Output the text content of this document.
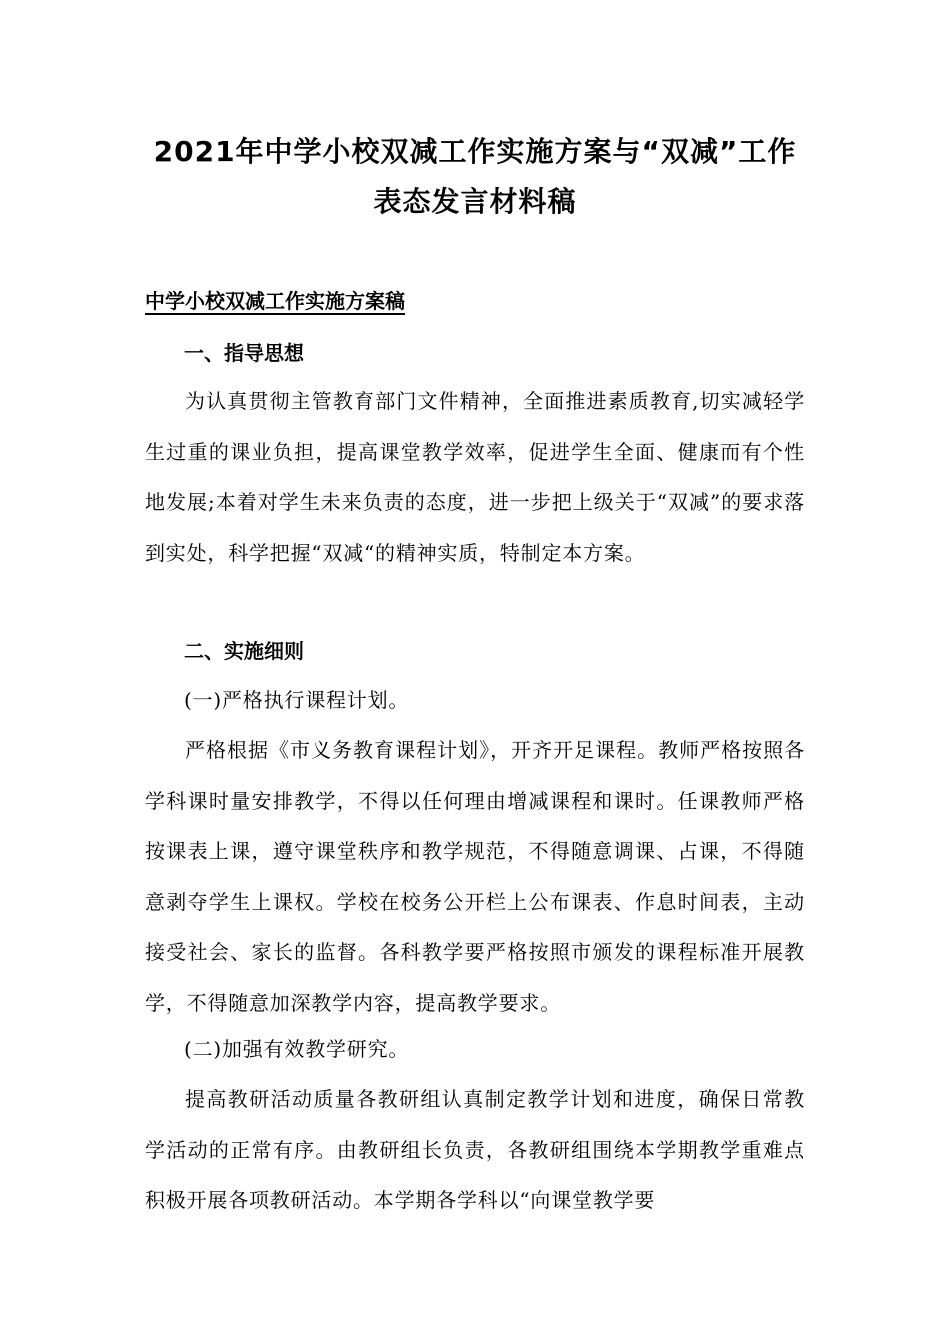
2021年中学小校双减工作实施方案与“双减”工作
表态发言材料稿
中学小校双减工作实施方案稿
一、指导思想

为认真贯彻主管教育部门文件精神，全面推进素质教育,切实减轻学生过重的课业负担，提高课堂教学效率，促进学生全面、健康而有个性地发展;本着对学生未来负责的态度，进一步把上级关于“双减”的要求落到实处，科学把握“双减“的精神实质，特制定本方案。

二、实施细则

(一)严格执行课程计划。

严格根据《市义务教育课程计划》，开齐开足课程。教师严格按照各学科课时量安排教学，不得以任何理由增减课程和课时。任课教师严格按课表上课，遵守课堂秩序和教学规范，不得随意调课、占课，不得随意剥夺学生上课权。学校在校务公开栏上公布课表、作息时间表，主动接受社会、家长的监督。各科教学要严格按照市颁发的课程标准开展教学，不得随意加深教学内容，提高教学要求。

(二)加强有效教学研究。

提高教研活动质量各教研组认真制定教学计划和进度，确保日常教学活动的正常有序。由教研组长负责，各教研组围绕本学期教学重难点积极开展各项教研活动。本学期各学科以“向课堂教学要
